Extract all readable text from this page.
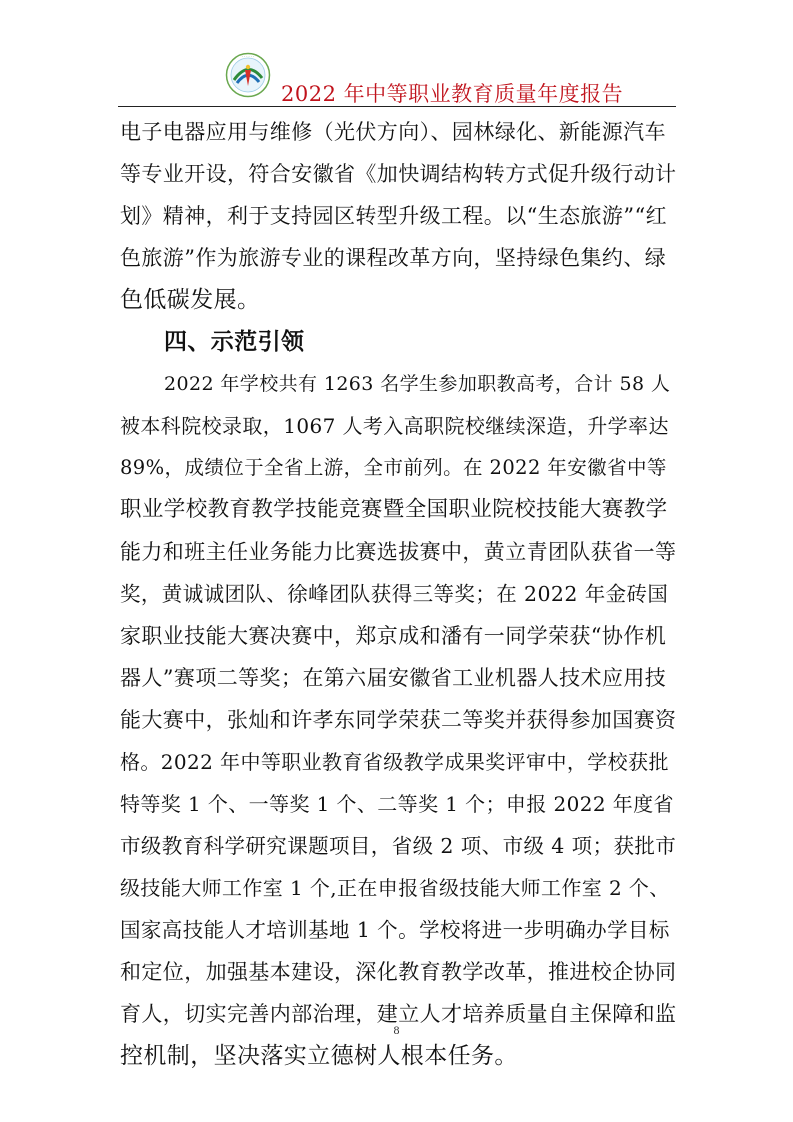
· · · · · ·
2022 年中等职业教育质量年度报告
电子电器应用与维修（光伏方向）、园林绿化、新能源汽车
等专业开设，符合安徽省《加快调结构转方式促升级行动计
划》精神，利于支持园区转型升级工程。以“生态旅游”“红
色旅游”作为旅游专业的课程改革方向，坚持绿色集约、绿
色低碳发展。
四、示范引领
2022 年学校共有 1263 名学生参加职教高考，合计 58 人
被本科院校录取，1067 人考入高职院校继续深造，升学率达
89%，成绩位于全省上游，全市前列。在 2022 年安徽省中等
职业学校教育教学技能竞赛暨全国职业院校技能大赛教学
能力和班主任业务能力比赛选拔赛中，黄立青团队获省一等
奖，黄诚诚团队、徐峰团队获得三等奖；在 2022 年金砖国
家职业技能大赛决赛中，郑京成和潘有一同学荣获“协作机
器人”赛项二等奖；在第六届安徽省工业机器人技术应用技
能大赛中，张灿和许孝东同学荣获二等奖并获得参加国赛资
格。2022 年中等职业教育省级教学成果奖评审中，学校获批
特等奖 1 个、一等奖 1 个、二等奖 1 个；申报 2022 年度省
市级教育科学研究课题项目，省级 2 项、市级 4 项；获批市
级技能大师工作室 1 个,正在申报省级技能大师工作室 2 个、
国家高技能人才培训基地 1 个。学校将进一步明确办学目标
和定位，加强基本建设，深化教育教学改革，推进校企协同
育人，切实完善内部治理，建立人才培养质量自主保障和监
控机制，坚决落实立德树人根本任务。
8
